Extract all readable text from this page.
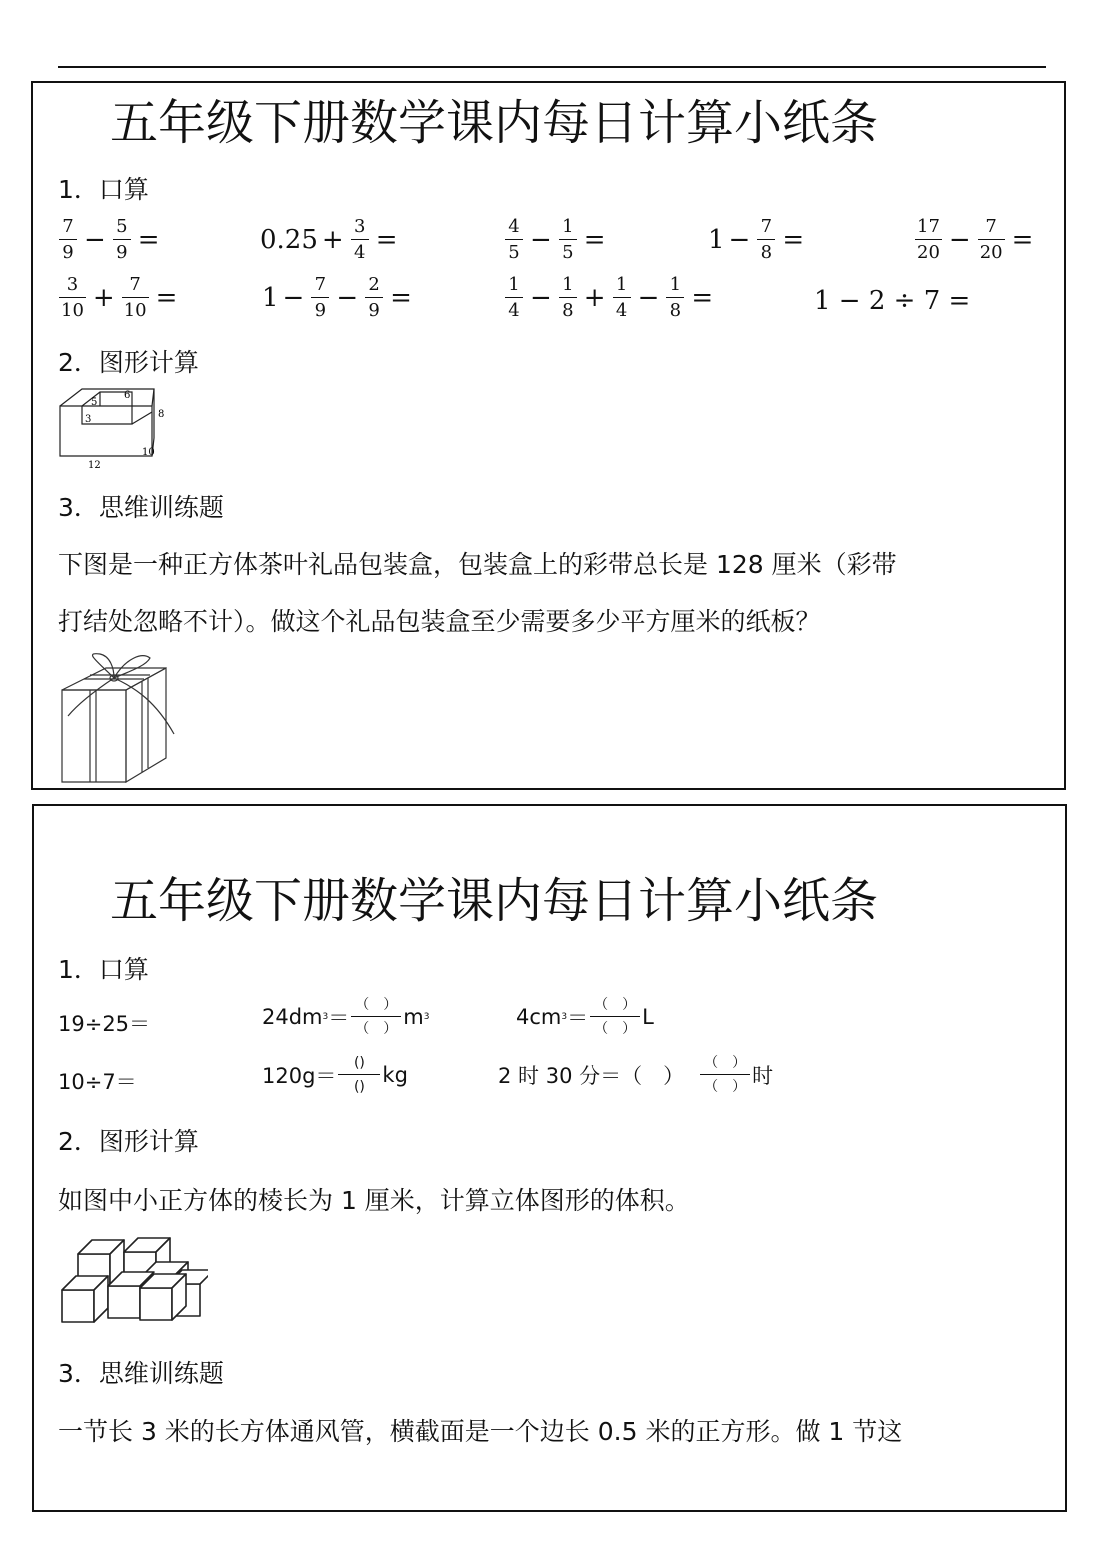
五年级下册数学课内每日计算小纸条
1．口算
$\frac{7}{9} - \frac{5}{9}$ =	$0.25 + \frac{3}{4}$ =	$\frac{4}{5} - \frac{1}{5}$ =	$1 - \frac{7}{8}$ =	$\frac{17}{20} - \frac{7}{20}$ =
$\frac{3}{10} + \frac{7}{10}$ =	$1 - \frac{7}{9} - \frac{2}{9}$ =	$\frac{1}{4} - \frac{1}{8} + \frac{1}{4} - \frac{1}{8}$ =	1 − 2 ÷ 7 =
2．图形计算
5
6
3	8
12
10
3．思维训练题
下图是一种正方体茶叶礼品包装盒，包装盒上的彩带总长是 128 厘米（彩带
打结处忽略不计）。做这个礼品包装盒至少需要多少平方厘米的纸板？
五年级下册数学课内每日计算小纸条
1．口算
19÷25＝	24dm $3 = \frac{( )}{( )}$ m 3	4cm $3 = \frac{( )}{( )}$ L
10÷7＝	$120g= \frac{()}{()}$ kg	2 时 30 分＝（　） $\frac{( )}{( )}$ 时
2．图形计算
如图中小正方体的棱长为 1 厘米，计算立体图形的体积。
3．思维训练题
一节长 3 米的长方体通风管，横截面是一个边长 0.5 米的正方形。做 1 节这
